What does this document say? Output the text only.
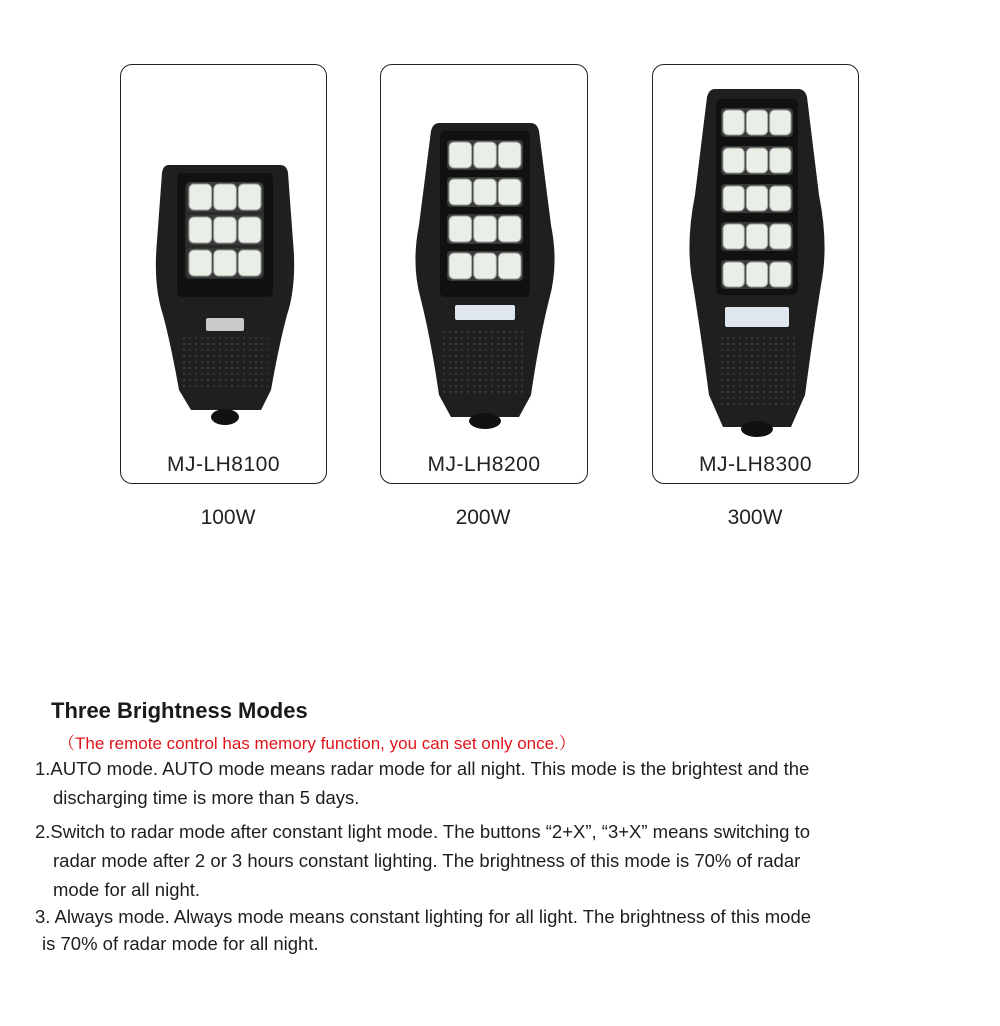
MJ-LH8100	MJ-LH8200	MJ-LH8300
100W	200W	300W
Three Brightness Modes
（The remote control has memory function, you can set only once.）
1.AUTO mode. AUTO mode means radar mode for all night. This mode is the brightest and the
discharging time is more than 5 days.
2.Switch to radar mode after constant light mode. The buttons “2+X”, “3+X” means switching to
radar mode after 2 or 3 hours constant lighting. The brightness of this mode is 70% of radar
mode for all night.
3. Always mode. Always mode means constant lighting for all light. The brightness of this mode
is 70% of radar mode for all night.
